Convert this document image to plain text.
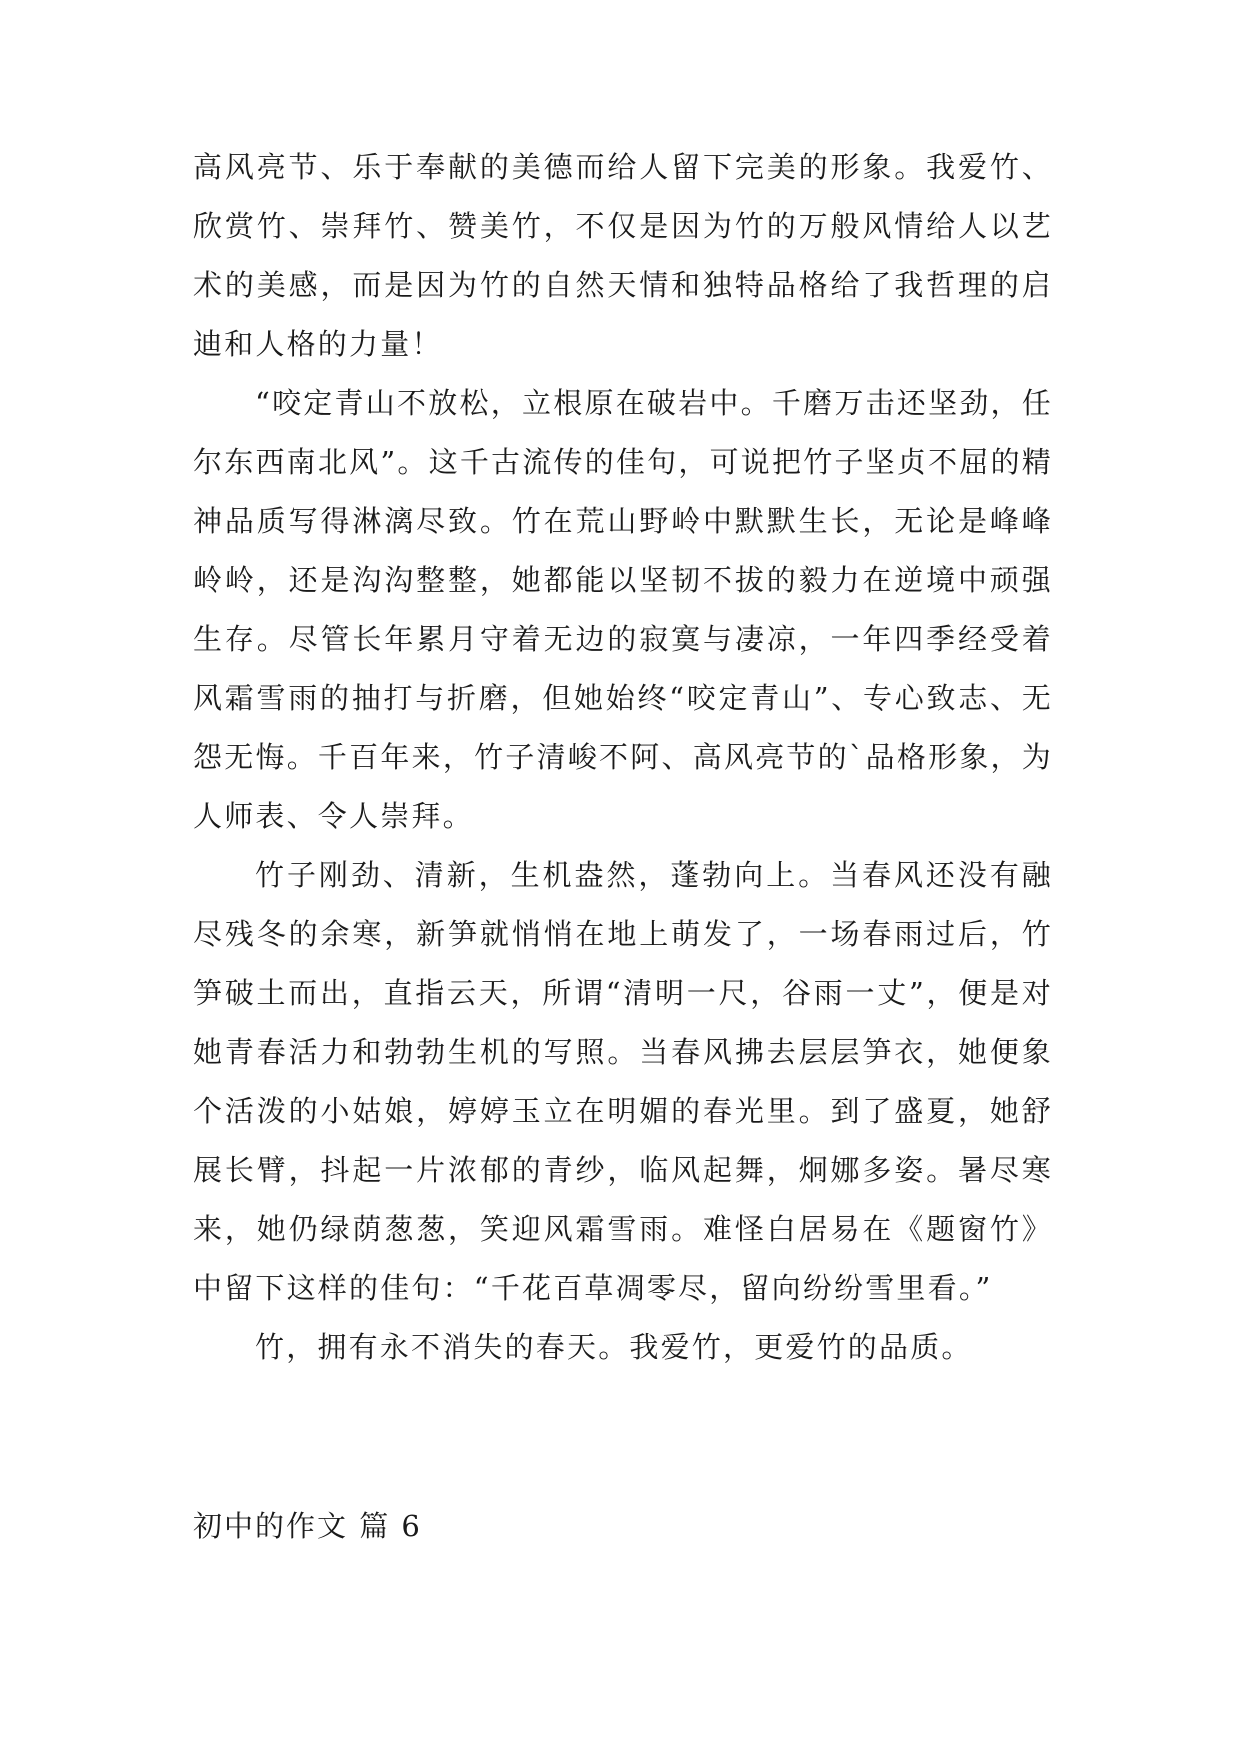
高风亮节、乐于奉献的美德而给人留下完美的形象。我爱竹、欣赏竹、崇拜竹、赞美竹，不仅是因为竹的万般风情给人以艺术的美感，而是因为竹的自然天情和独特品格给了我哲理的启迪和人格的力量！

“咬定青山不放松，立根原在破岩中。千磨万击还坚劲，任尔东西南北风”。这千古流传的佳句，可说把竹子坚贞不屈的精神品质写得淋漓尽致。竹在荒山野岭中默默生长，无论是峰峰岭岭，还是沟沟整整，她都能以坚韧不拔的毅力在逆境中顽强生存。尽管长年累月守着无边的寂寞与凄凉，一年四季经受着风霜雪雨的抽打与折磨，但她始终“咬定青山”、专心致志、无怨无悔。千百年来，竹子清峻不阿、高风亮节的`品格形象，为人师表、令人崇拜。

竹子刚劲、清新，生机盎然，蓬勃向上。当春风还没有融尽残冬的余寒，新笋就悄悄在地上萌发了，一场春雨过后，竹笋破土而出，直指云天，所谓“清明一尺，谷雨一丈”，便是对她青春活力和勃勃生机的写照。当春风拂去层层笋衣，她便象个活泼的小姑娘，婷婷玉立在明媚的春光里。到了盛夏，她舒展长臂，抖起一片浓郁的青纱，临风起舞，炯娜多姿。暑尽寒来，她仍绿荫葱葱，笑迎风霜雪雨。难怪白居易在《题窗竹》中留下这样的佳句：“千花百草凋零尽，留向纷纷雪里看。”

竹，拥有永不消失的春天。我爱竹，更爱竹的品质。

初中的作文 篇 6
